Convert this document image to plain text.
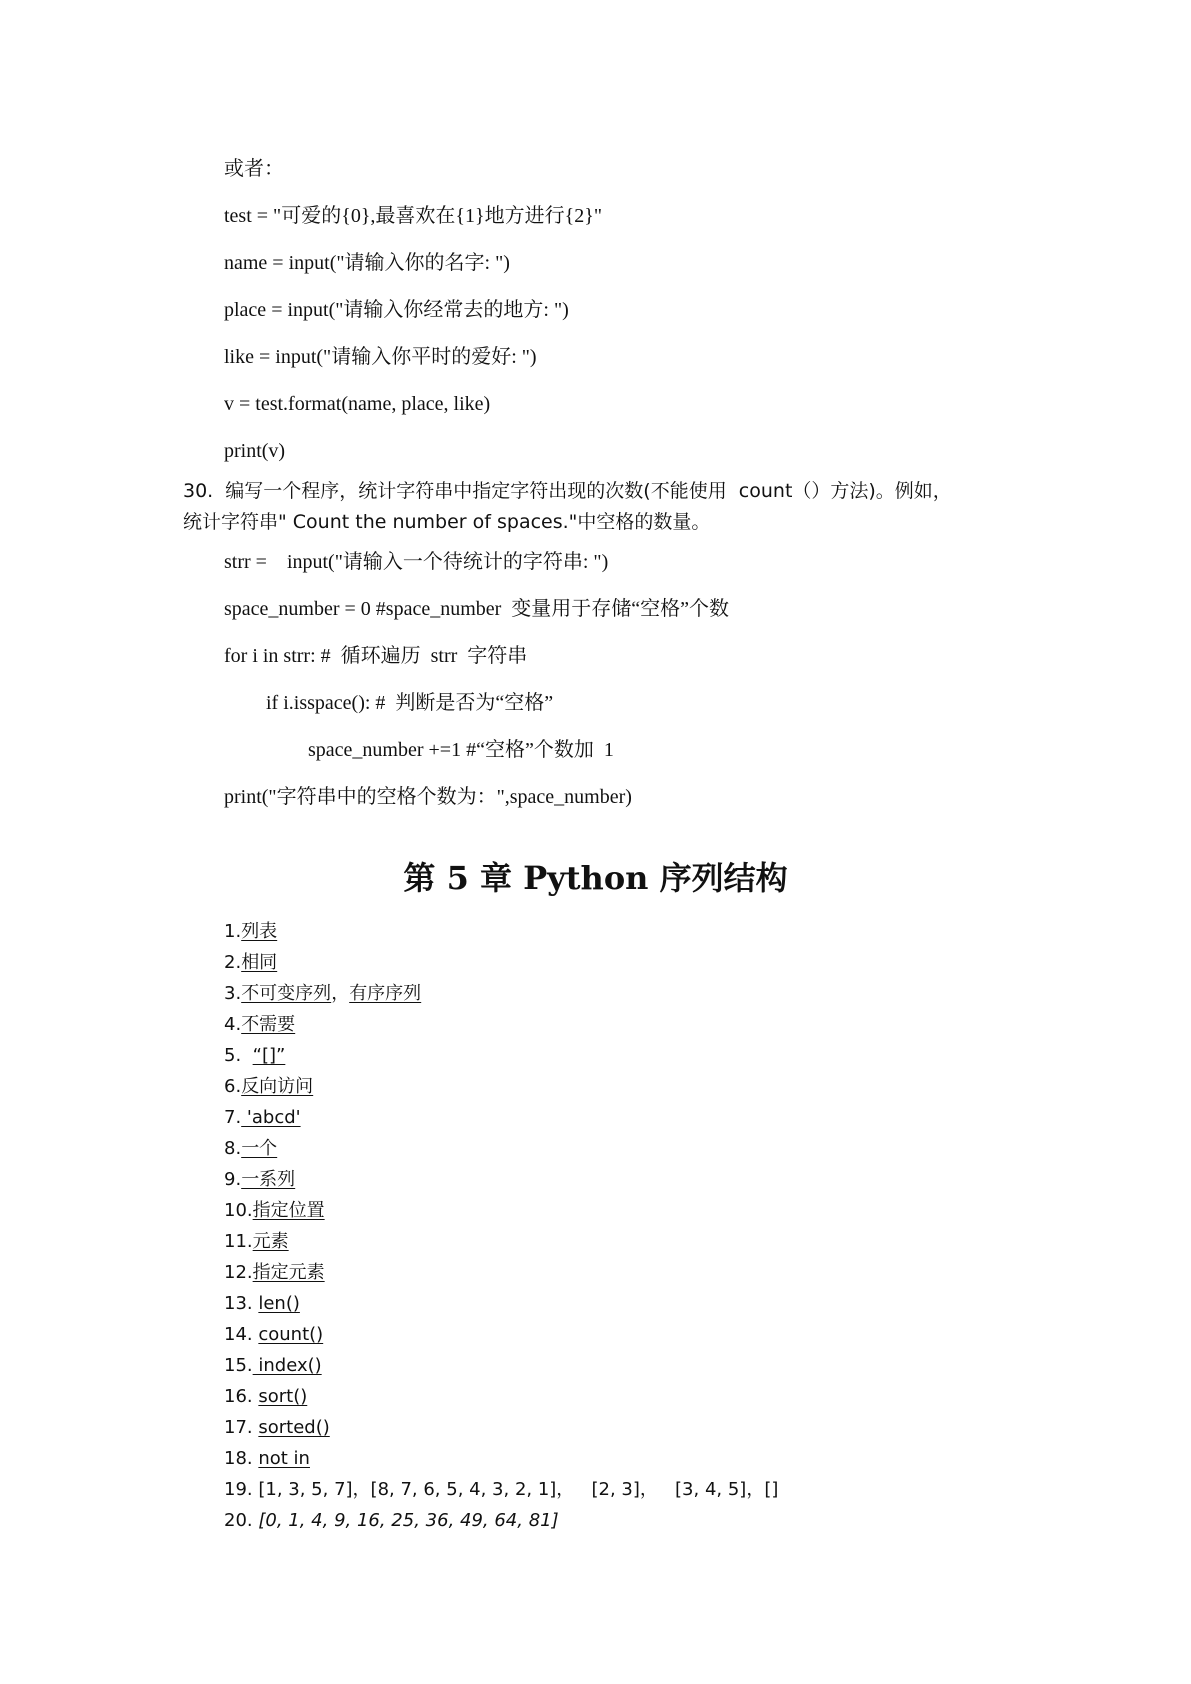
或者：
test = "可爱的{0},最喜欢在{1}地方进行{2}"
name = input("请输入你的名字: ")
place = input("请输入你经常去的地方: ")
like = input("请输入你平时的爱好: ")
v = test.format(name, place, like)
print(v)
30.  编写一个程序，统计字符串中指定字符出现的次数(不能使用  count（）方法)。例如，
统计字符串" Count the number of spaces."中空格的数量。
strr =    input("请输入一个待统计的字符串: ")
space_number = 0 #space_number  变量用于存储“空格”个数
for i in strr: #  循环遍历  strr  字符串
if i.isspace(): #  判断是否为“空格”
space_number +=1 #“空格”个数加  1
print("字符串中的空格个数为：",space_number)
第 5 章 Python 序列结构
1.列表
2.相同
3.不可变序列，有序序列
4.不需要
5.  “[]”
6.反向访问
7. 'abcd'
8.一个
9.一系列
10.指定位置
11.元素
12.指定元素
13. len()
14. count()
15. index()
16. sort()
17. sorted()
18. not in
19. [1, 3, 5, 7]，[8, 7, 6, 5, 4, 3, 2, 1]，   [2, 3]，   [3, 4, 5]，[]
20. [0, 1, 4, 9, 16, 25, 36, 49, 64, 81]
